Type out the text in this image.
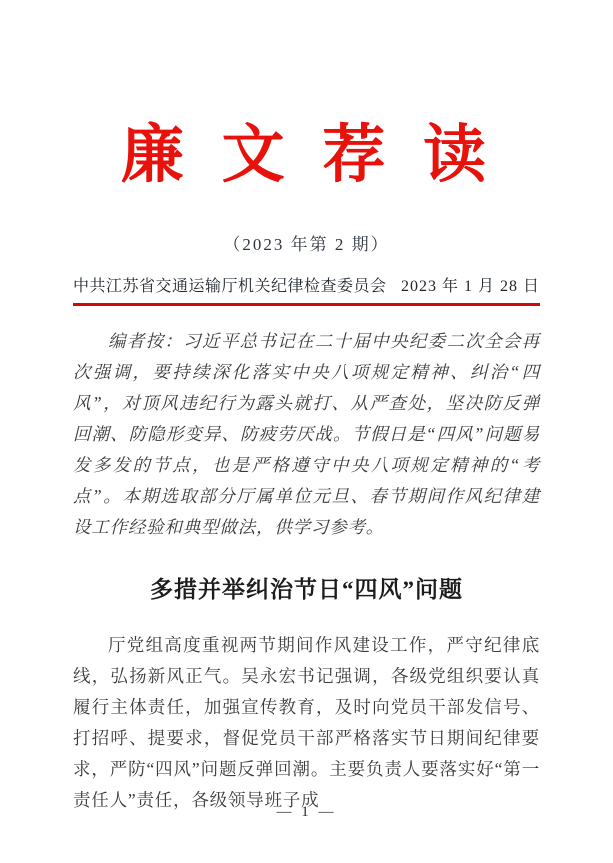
廉 文 荐 读
（2023 年第 2 期）
中共江苏省交通运输厅机关纪律检查委员会 2023 年 1 月 28 日

编者按：习近平总书记在二十届中央纪委二次全会再次强调，要持续深化落实中央八项规定精神、纠治“四风”，对顶风违纪行为露头就打、从严查处，坚决防反弹回潮、防隐形变异、防疲劳厌战。节假日是“四风”问题易发多发的节点，也是严格遵守中央八项规定精神的“考点”。本期选取部分厅属单位元旦、春节期间作风纪律建设工作经验和典型做法，供学习参考。

多措并举纠治节日“四风”问题

厅党组高度重视两节期间作风建设工作，严守纪律底线，弘扬新风正气。吴永宏书记强调，各级党组织要认真履行主体责任，加强宣传教育，及时向党员干部发信号、打招呼、提要求，督促党员干部严格落实节日期间纪律要求，严防“四风”问题反弹回潮。主要负责人要落实好“第一责任人”责任，各级领导班子成

— 1 —
